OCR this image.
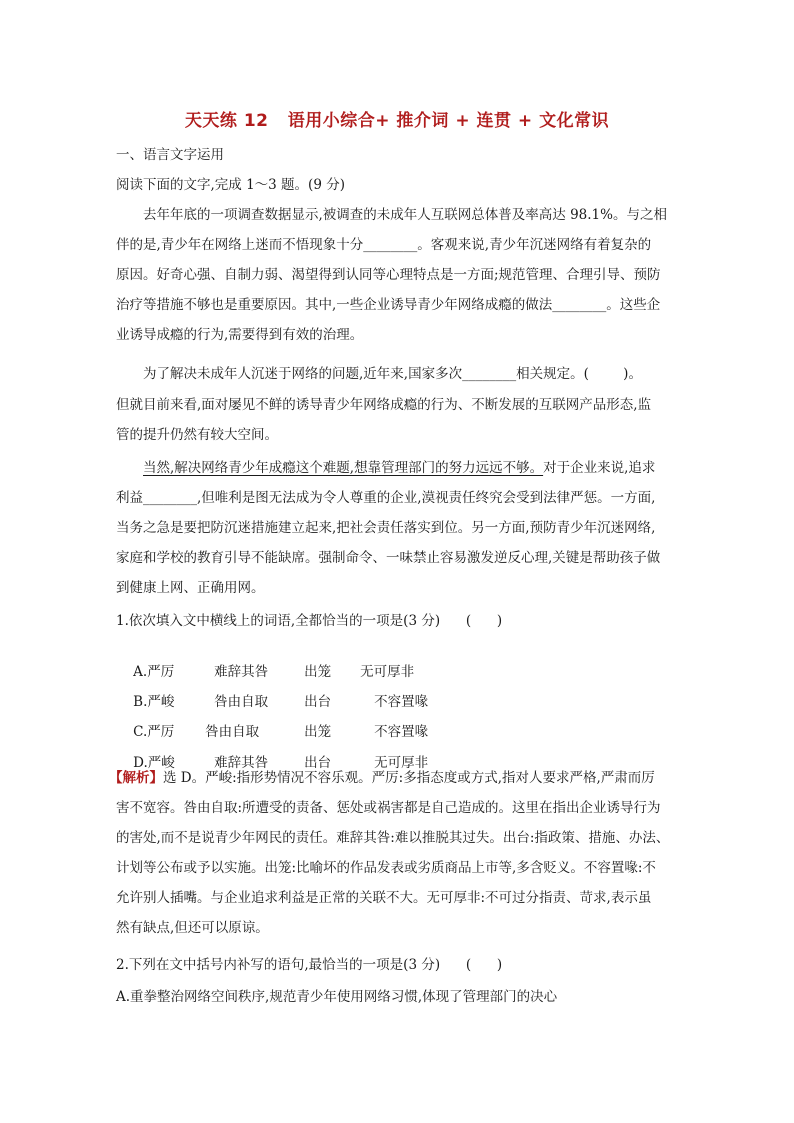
天天练 12   语用小综合+ 推介词 + 连贯 + 文化常识
一、语言文字运用
阅读下面的文字,完成 1～3 题。(9 分)
去年年底的一项调查数据显示,被调查的未成年人互联网总体普及率高达 98.1%。与之相
伴的是,青少年在网络上迷而不悟现象十分________。客观来说,青少年沉迷网络有着复杂的
原因。好奇心强、自制力弱、渴望得到认同等心理特点是一方面;规范管理、合理引导、预防
治疗等措施不够也是重要原因。其中,一些企业诱导青少年网络成瘾的做法________。这些企
业诱导成瘾的行为,需要得到有效的治理。
为了解决未成年人沉迷于网络的问题,近年来,国家多次________相关规定。(        )。
但就目前来看,面对屡见不鲜的诱导青少年网络成瘾的行为、不断发展的互联网产品形态,监
管的提升仍然有较大空间。
当然,解决网络青少年成瘾这个难题,想靠管理部门的努力远远不够。对于企业来说,追求
利益________,但唯利是图无法成为令人尊重的企业,漠视责任终究会受到法律严惩。一方面,
当务之急是要把防沉迷措施建立起来,把社会责任落实到位。另一方面,预防青少年沉迷网络,
家庭和学校的教育引导不能缺席。强制命令、一味禁止容易激发逆反心理,关键是帮助孩子做
到健康上网、正确用网。
1.依次填入文中横线上的词语,全都恰当的一项是(3 分)      (      )

A.严厉	难辞其咎	出笼 无可厚非

B.严峻	咎由自取	出台	不容置喙

C.严厉 咎由自取	出笼	不容置喙

D.严峻	难辞其咎	出台	无可厚非

【解析】选 D。严峻:指形势情况不容乐观。严厉:多指态度或方式,指对人要求严格,严肃而厉
害不宽容。咎由自取:所遭受的责备、惩处或祸害都是自己造成的。这里在指出企业诱导行为
的害处,而不是说青少年网民的责任。难辞其咎:难以推脱其过失。出台:指政策、措施、办法、
计划等公布或予以实施。出笼:比喻坏的作品发表或劣质商品上市等,多含贬义。不容置喙:不
允许别人插嘴。与企业追求利益是正常的关联不大。无可厚非:不可过分指责、苛求,表示虽
然有缺点,但还可以原谅。
2.下列在文中括号内补写的语句,最恰当的一项是(3 分)      (      )
A.重拳整治网络空间秩序,规范青少年使用网络习惯,体现了管理部门的决心
